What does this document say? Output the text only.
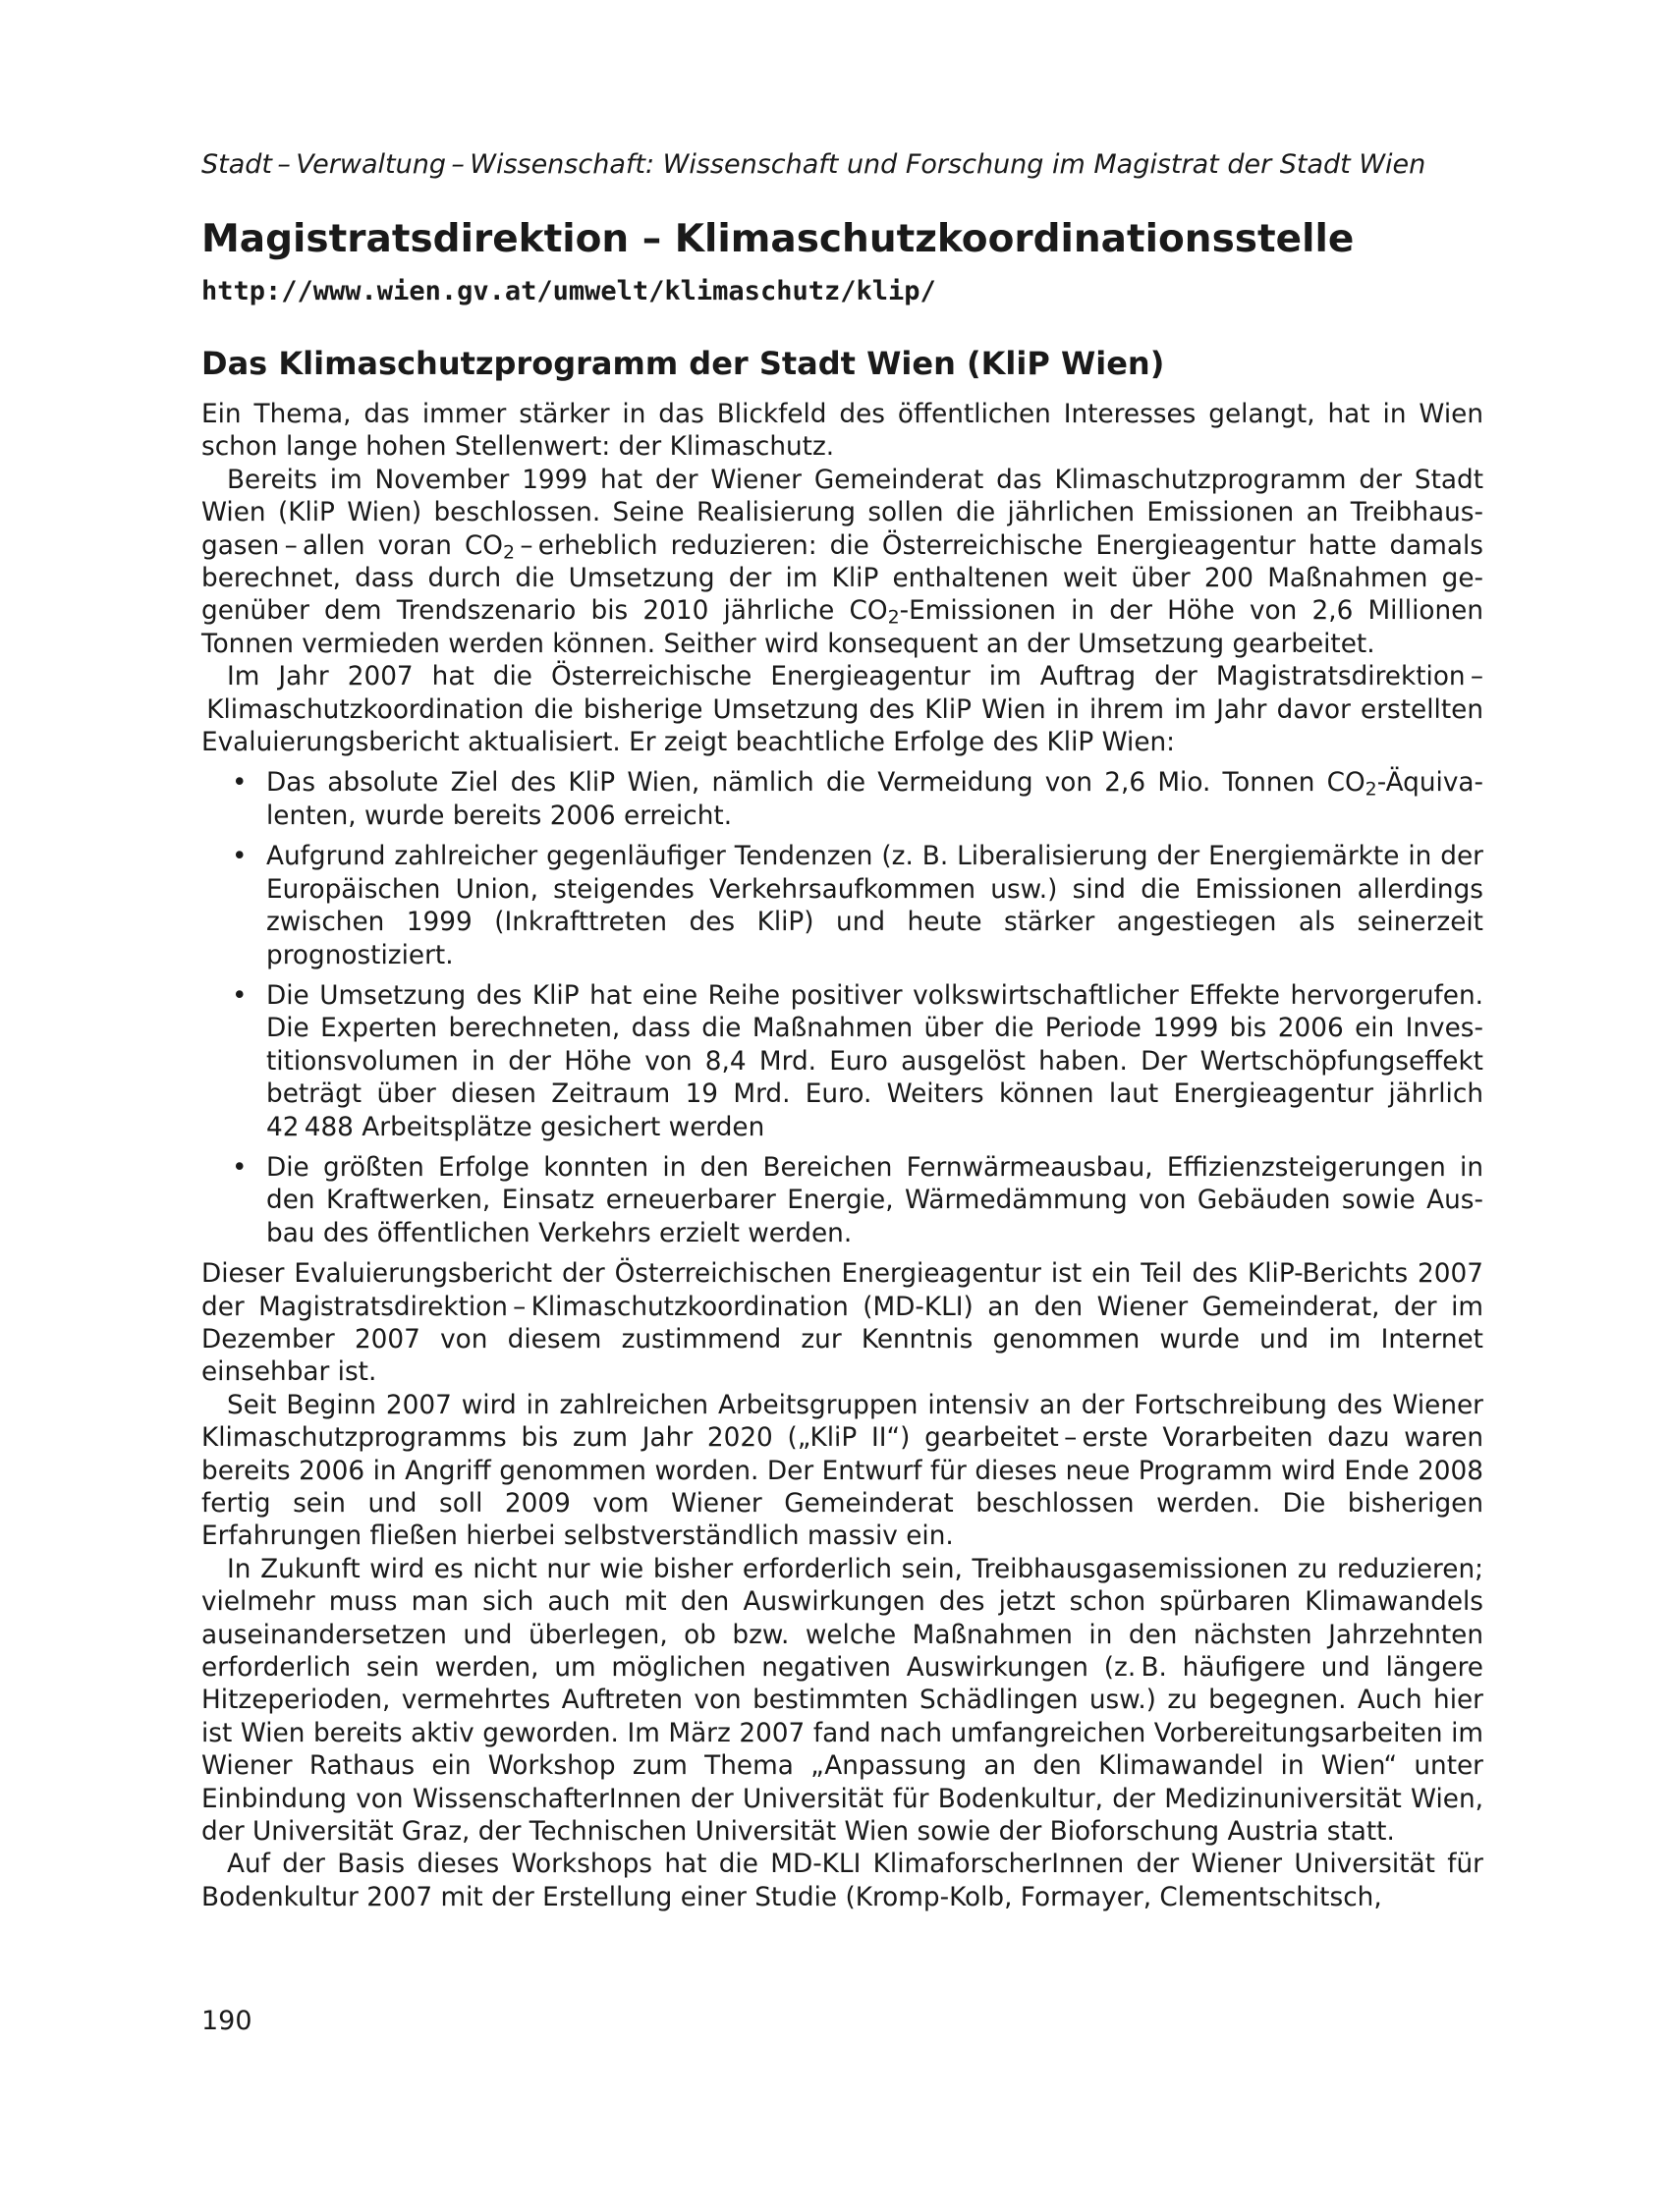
Stadt – Verwaltung – Wissenschaft: Wissenschaft und Forschung im Magistrat der Stadt Wien
Magistratsdirektion – Klimaschutzkoordinationsstelle
http://www.wien.gv.at/umwelt/klimaschutz/klip/
Das Klimaschutzprogramm der Stadt Wien (KliP Wien)

Ein Thema, das immer stärker in das Blickfeld des öffentlichen Interesses gelangt, hat in Wien schon lange hohen Stellenwert: der Klimaschutz.

Bereits im November 1999 hat der Wiener Gemeinderat das Klimaschutzprogramm der Stadt Wien (KliP Wien) beschlossen. Seine Realisierung sollen die jährlichen Emissionen an Treibhausgasen – allen voran $CO_2$ – erheblich reduzieren: die Österreichische Energieagentur hatte damals berechnet, dass durch die Umsetzung der im KliP enthaltenen weit über 200 Maßnahmen gegenüber dem Trendszenario bis 2010 jährliche $CO_2$-Emissionen in der Höhe von 2,6 Millionen Tonnen vermieden werden können. Seither wird konsequent an der Umsetzung gearbeitet.

Im Jahr 2007 hat die Österreichische Energieagentur im Auftrag der Magistratsdirektion – Klimaschutzkoordination die bisherige Umsetzung des KliP Wien in ihrem im Jahr davor erstellten Evaluierungsbericht aktualisiert. Er zeigt beachtliche Erfolge des KliP Wien:

• Das absolute Ziel des KliP Wien, nämlich die Vermeidung von 2,6 Mio. Tonnen $CO_2$-Äquivalenten, wurde bereits 2006 erreicht.
• Aufgrund zahlreicher gegenläufiger Tendenzen (z. B. Liberalisierung der Energiemärkte in der Europäischen Union, steigendes Verkehrsaufkommen usw.) sind die Emissionen allerdings zwischen 1999 (Inkrafttreten des KliP) und heute stärker angestiegen als seinerzeit prognostiziert.
• Die Umsetzung des KliP hat eine Reihe positiver volkswirtschaftlicher Effekte hervorgerufen. Die Experten berechneten, dass die Maßnahmen über die Periode 1999 bis 2006 ein Investitionsvolumen in der Höhe von 8,4 Mrd. Euro ausgelöst haben. Der Wertschöpfungseffekt beträgt über diesen Zeitraum 19 Mrd. Euro. Weiters können laut Energieagentur jährlich 42 488 Arbeitsplätze gesichert werden
• Die größten Erfolge konnten in den Bereichen Fernwärmeausbau, Effizienzsteigerungen in den Kraftwerken, Einsatz erneuerbarer Energie, Wärmedämmung von Gebäuden sowie Ausbau des öffentlichen Verkehrs erzielt werden.

Dieser Evaluierungsbericht der Österreichischen Energieagentur ist ein Teil des KliP-Berichts 2007 der Magistratsdirektion – Klimaschutzkoordination (MD-KLI) an den Wiener Gemeinderat, der im Dezember 2007 von diesem zustimmend zur Kenntnis genommen wurde und im Internet einsehbar ist.

Seit Beginn 2007 wird in zahlreichen Arbeitsgruppen intensiv an der Fortschreibung des Wiener Klimaschutzprogramms bis zum Jahr 2020 („KliP II“) gearbeitet – erste Vorarbeiten dazu waren bereits 2006 in Angriff genommen worden. Der Entwurf für dieses neue Programm wird Ende 2008 fertig sein und soll 2009 vom Wiener Gemeinderat beschlossen werden. Die bisherigen Erfahrungen fließen hierbei selbstverständlich massiv ein.

In Zukunft wird es nicht nur wie bisher erforderlich sein, Treibhausgasemissionen zu reduzieren; vielmehr muss man sich auch mit den Auswirkungen des jetzt schon spürbaren Klimawandels auseinandersetzen und überlegen, ob bzw. welche Maßnahmen in den nächsten Jahrzehnten erforderlich sein werden, um möglichen negativen Auswirkungen (z. B. häufigere und längere Hitzeperioden, vermehrtes Auftreten von bestimmten Schädlingen usw.) zu begegnen. Auch hier ist Wien bereits aktiv geworden. Im März 2007 fand nach umfangreichen Vorbereitungsarbeiten im Wiener Rathaus ein Workshop zum Thema „Anpassung an den Klimawandel in Wien“ unter Einbindung von WissenschafterInnen der Universität für Bodenkultur, der Medizinuniversität Wien, der Universität Graz, der Technischen Universität Wien sowie der Bioforschung Austria statt.

Auf der Basis dieses Workshops hat die MD-KLI KlimaforscherInnen der Wiener Universität für Bodenkultur 2007 mit der Erstellung einer Studie (Kromp-Kolb, Formayer, Clementschitsch,

190
